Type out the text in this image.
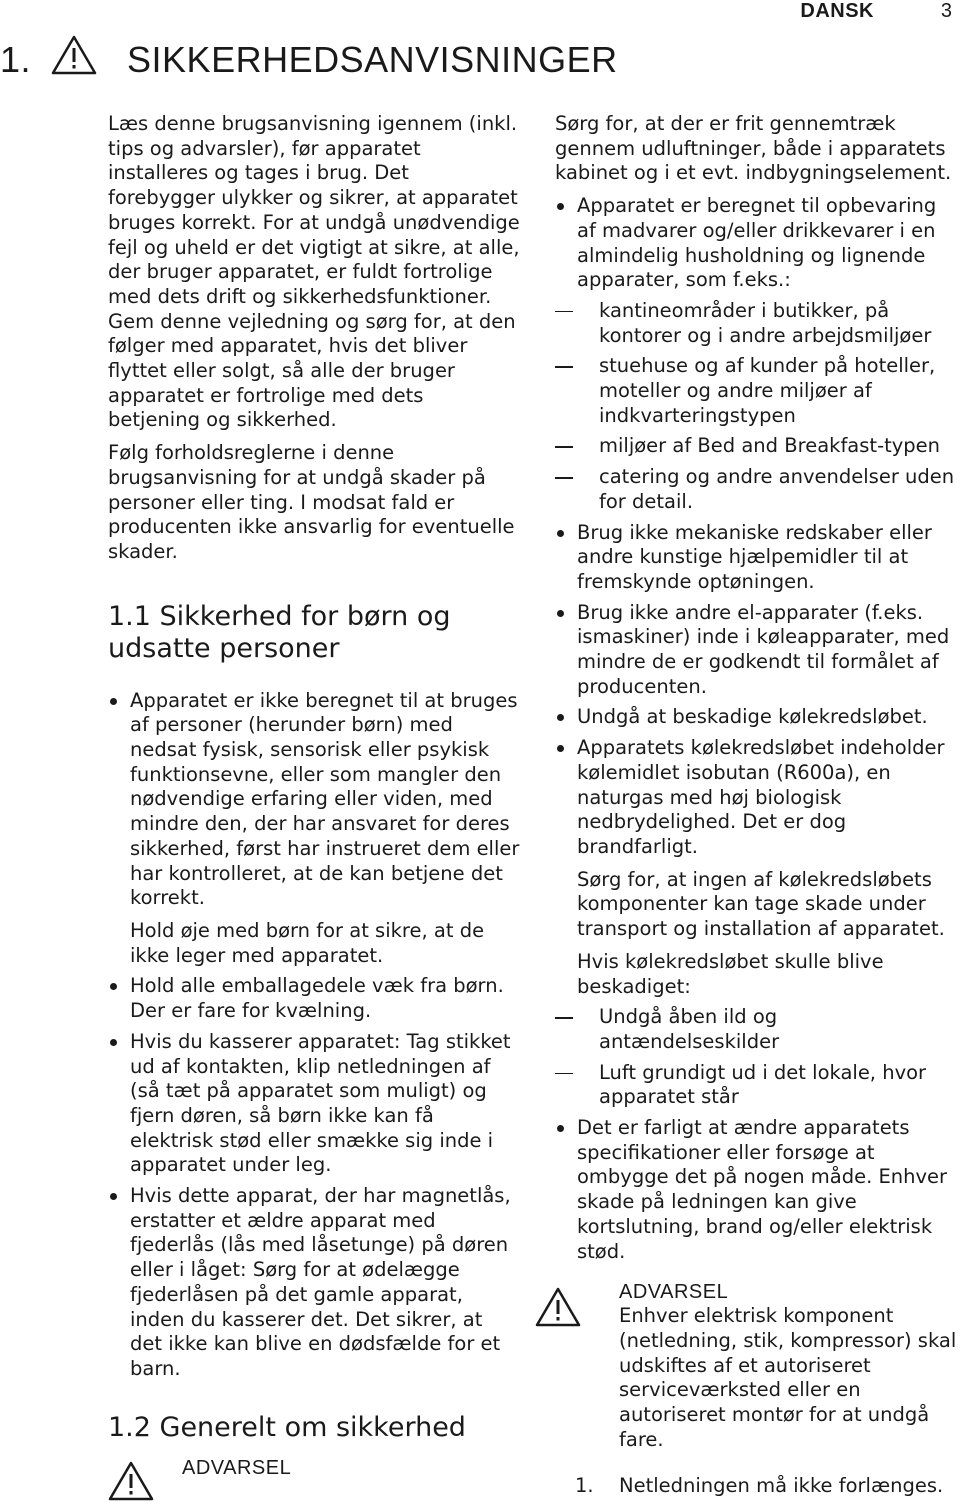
DANSK	3
1.	SIKKERHEDSANVISNINGER

Læs denne brugsanvisning igennem (inkl. tips og advarsler), før apparatet installeres og tages i brug. Det forebygger ulykker og sikrer, at apparatet bruges korrekt. For at undgå unødvendige fejl og uheld er det vigtigt at sikre, at alle, der bruger apparatet, er fuldt fortrolige med dets drift og sikkerhedsfunktioner. Gem denne vejledning og sørg for, at den følger med apparatet, hvis det bliver flyttet eller solgt, så alle der bruger apparatet er fortrolige med dets betjening og sikkerhed.

Følg forholdsreglerne i denne brugsanvisning for at undgå skader på personer eller ting. I modsat fald er producenten ikke ansvarlig for eventuelle skader.

1.1 Sikkerhed for børn og udsatte personer
Apparatet er ikke beregnet til at bruges af personer (herunder børn) med nedsat fysisk, sensorisk eller psykisk funktionsevne, eller som mangler den nødvendige erfaring eller viden, med mindre den, der har ansvaret for deres sikkerhed, først har instrueret dem eller har kontrolleret, at de kan betjene det korrekt.

Hold øje med børn for at sikre, at de ikke leger med apparatet.

Hold alle emballagedele væk fra børn. Der er fare for kvælning.
Hvis du kasserer apparatet: Tag stikket ud af kontakten, klip netledningen af (så tæt på apparatet som muligt) og fjern døren, så børn ikke kan få elektrisk stød eller smække sig inde i apparatet under leg.
Hvis dette apparat, der har magnetlås, erstatter et ældre apparat med fjederlås (lås med låsetunge) på døren eller i låget: Sørg for at ødelægge fjederlåsen på det gamle apparat, inden du kasserer det. Det sikrer, at det ikke kan blive en dødsfælde for et barn.
1.2 Generelt om sikkerhed
ADVARSEL

Sørg for, at der er frit gennemtræk gennem udluftninger, både i apparatets kabinet og i et evt. indbygningselement.

Apparatet er beregnet til opbevaring af madvarer og/eller drikkevarer i en almindelig husholdning og lignende apparater, som f.eks.:
kantineområder i butikker, på kontorer og i andre arbejdsmiljøer
stuehuse og af kunder på hoteller, moteller og andre miljøer af indkvarteringstypen
miljøer af Bed and Breakfast-typen
catering og andre anvendelser uden for detail.
Brug ikke mekaniske redskaber eller andre kunstige hjælpemidler til at fremskynde optøningen.
Brug ikke andre el-apparater (f.eks. ismaskiner) inde i køleapparater, med mindre de er godkendt til formålet af producenten.
Undgå at beskadige kølekredsløbet.
Apparatets kølekredsløbet indeholder kølemidlet isobutan (R600a), en naturgas med høj biologisk nedbrydelighed. Det er dog brandfarligt.

Sørg for, at ingen af kølekredsløbets komponenter kan tage skade under transport og installation af apparatet.

Hvis kølekredsløbet skulle blive beskadiget:

Undgå åben ild og antændelseskilder
Luft grundigt ud i det lokale, hvor apparatet står
Det er farligt at ændre apparatets specifikationer eller forsøge at ombygge det på nogen måde. Enhver skade på ledningen kan give kortslutning, brand og/eller elektrisk stød.
ADVARSEL

Enhver elektrisk komponent (netledning, stik, kompressor) skal udskiftes af et autoriseret serviceværksted eller en autoriseret montør for at undgå fare.

1.	Netledningen må ikke forlænges.
